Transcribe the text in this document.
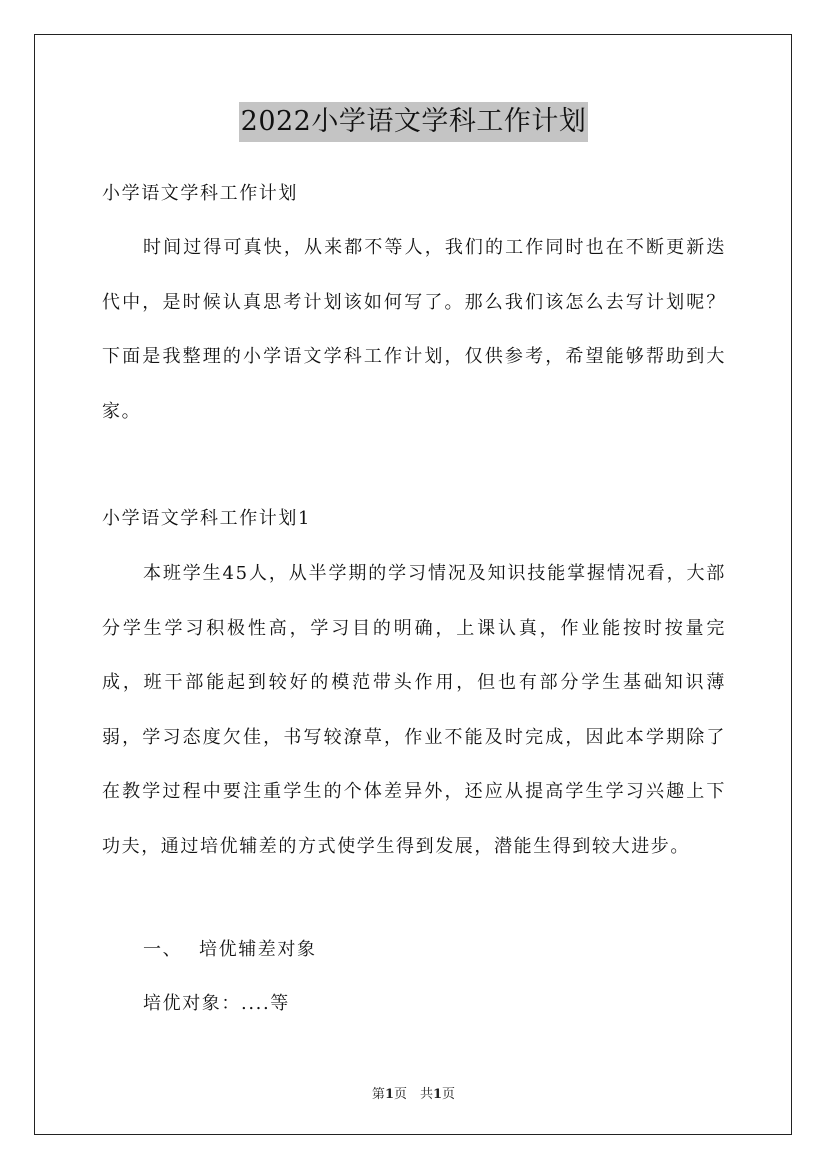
2022小学语文学科工作计划
小学语文学科工作计划
时间过得可真快，从来都不等人，我们的工作同时也在不断更新迭代中，是时候认真思考计划该如何写了。那么我们该怎么去写计划呢？下面是我整理的小学语文学科工作计划，仅供参考，希望能够帮助到大家。
小学语文学科工作计划1
本班学生45人，从半学期的学习情况及知识技能掌握情况看，大部分学生学习积极性高，学习目的明确，上课认真，作业能按时按量完成，班干部能起到较好的模范带头作用，但也有部分学生基础知识薄弱，学习态度欠佳，书写较潦草，作业不能及时完成，因此本学期除了在教学过程中要注重学生的个体差异外，还应从提高学生学习兴趣上下功夫，通过培优辅差的方式使学生得到发展，潜能生得到较大进步。
一、 培优辅差对象
培优对象：....等
第1页　共1页
